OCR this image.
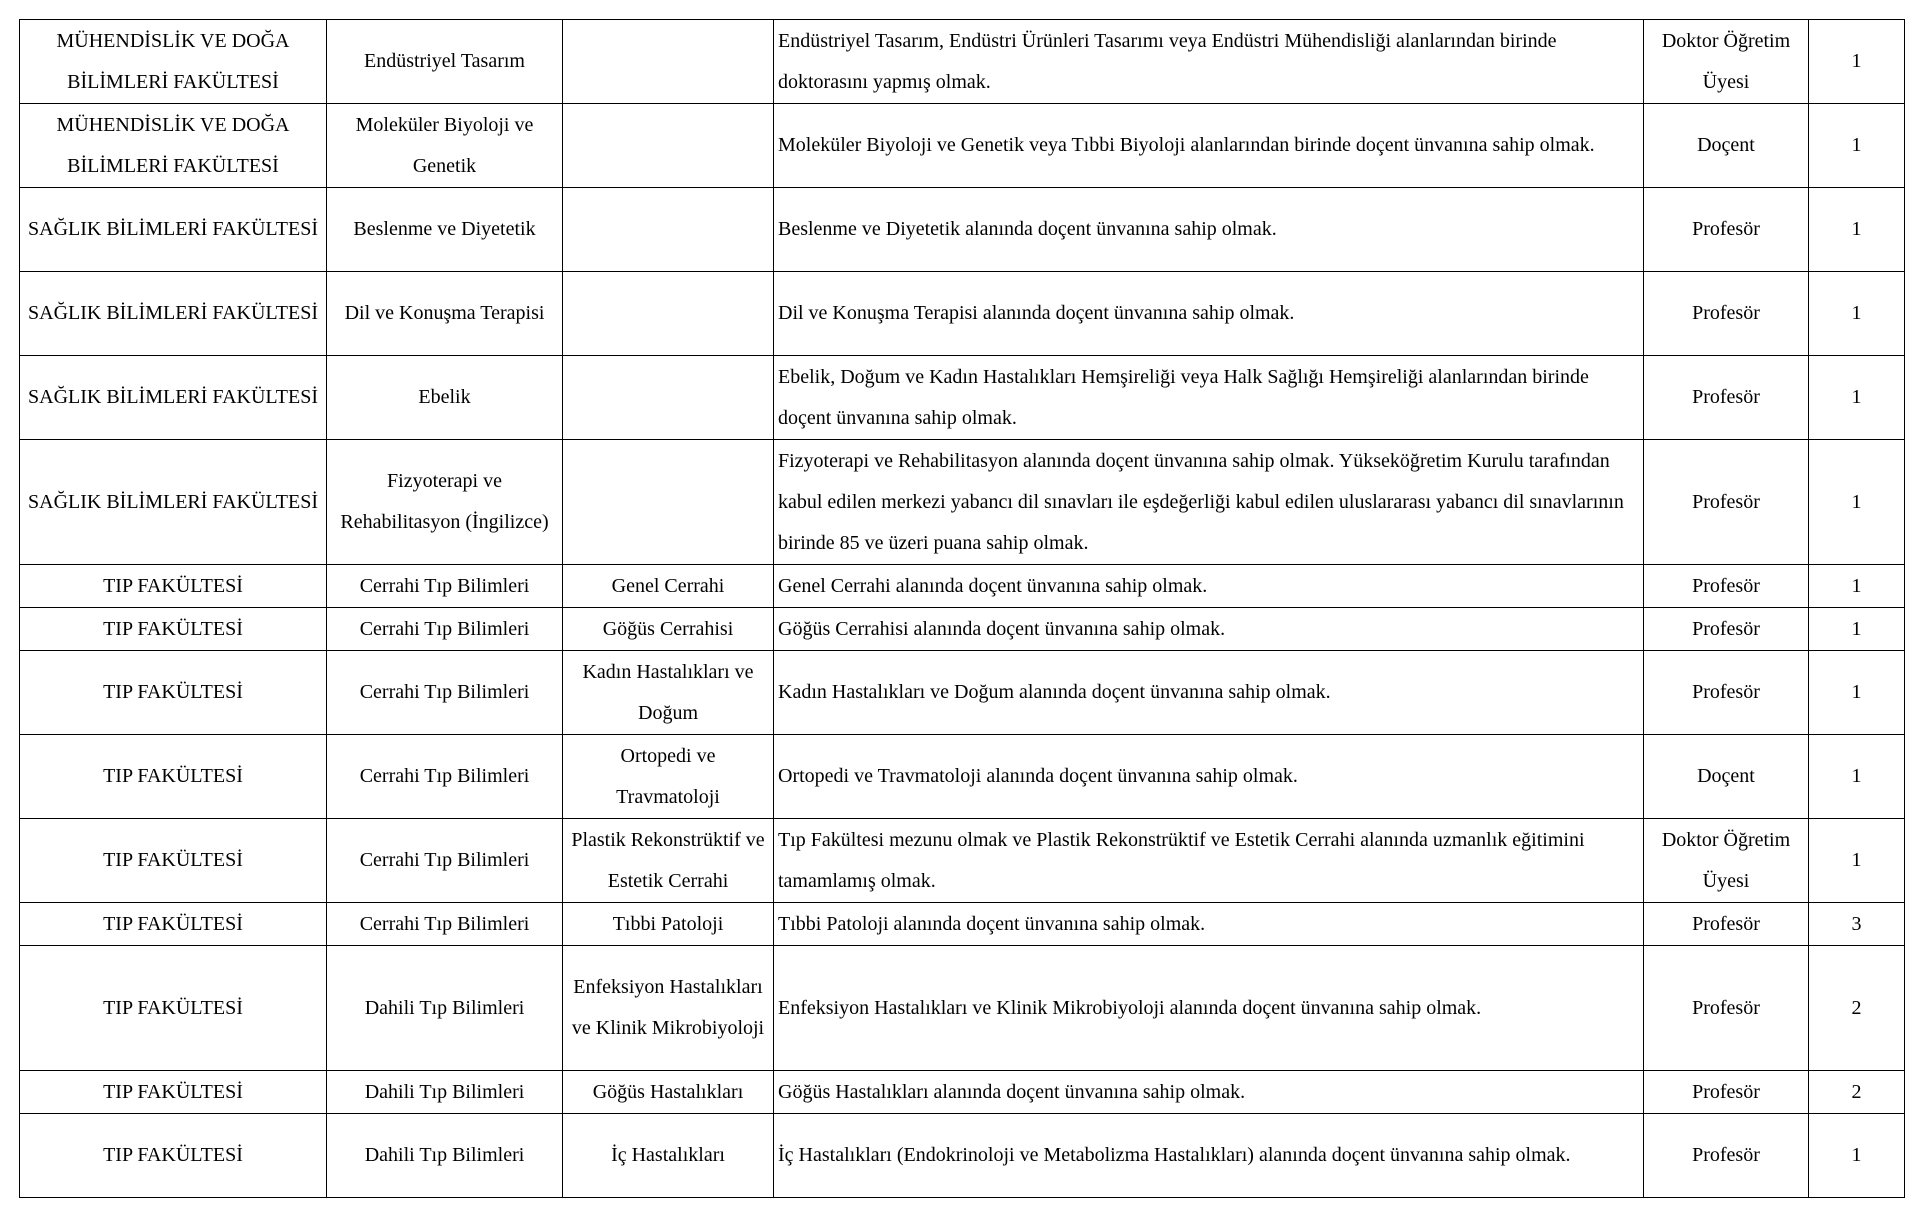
MÜHENDİSLİK VE DOĞA BİLİMLERİ FAKÜLTESİ	Endüstriyel Tasarım		Endüstriyel Tasarım, Endüstri Ürünleri Tasarımı veya Endüstri Mühendisliği alanlarından birinde doktorasını yapmış olmak.	Doktor Öğretim Üyesi	1
MÜHENDİSLİK VE DOĞA BİLİMLERİ FAKÜLTESİ	Moleküler Biyoloji ve Genetik		Moleküler Biyoloji ve Genetik veya Tıbbi Biyoloji alanlarından birinde doçent ünvanına sahip olmak.	Doçent	1
SAĞLIK BİLİMLERİ FAKÜLTESİ	Beslenme ve Diyetetik		Beslenme ve Diyetetik alanında doçent ünvanına sahip olmak.	Profesör	1
SAĞLIK BİLİMLERİ FAKÜLTESİ	Dil ve Konuşma Terapisi		Dil ve Konuşma Terapisi alanında doçent ünvanına sahip olmak.	Profesör	1
SAĞLIK BİLİMLERİ FAKÜLTESİ	Ebelik		Ebelik, Doğum ve Kadın Hastalıkları Hemşireliği veya Halk Sağlığı Hemşireliği alanlarından birinde doçent ünvanına sahip olmak.	Profesör	1
SAĞLIK BİLİMLERİ FAKÜLTESİ	Fizyoterapi ve Rehabilitasyon (İngilizce)		Fizyoterapi ve Rehabilitasyon alanında doçent ünvanına sahip olmak. Yükseköğretim Kurulu tarafından kabul edilen merkezi yabancı dil sınavları ile eşdeğerliği kabul edilen uluslararası yabancı dil sınavlarının birinde 85 ve üzeri puana sahip olmak.	Profesör	1
TIP FAKÜLTESİ	Cerrahi Tıp Bilimleri	Genel Cerrahi	Genel Cerrahi alanında doçent ünvanına sahip olmak.	Profesör	1
TIP FAKÜLTESİ	Cerrahi Tıp Bilimleri	Göğüs Cerrahisi	Göğüs Cerrahisi alanında doçent ünvanına sahip olmak.	Profesör	1
TIP FAKÜLTESİ	Cerrahi Tıp Bilimleri	Kadın Hastalıkları ve Doğum	Kadın Hastalıkları ve Doğum alanında doçent ünvanına sahip olmak.	Profesör	1
TIP FAKÜLTESİ	Cerrahi Tıp Bilimleri	Ortopedi ve Travmatoloji	Ortopedi ve Travmatoloji alanında doçent ünvanına sahip olmak.	Doçent	1
TIP FAKÜLTESİ	Cerrahi Tıp Bilimleri	Plastik Rekonstrüktif ve Estetik Cerrahi	Tıp Fakültesi mezunu olmak ve Plastik Rekonstrüktif ve Estetik Cerrahi alanında uzmanlık eğitimini tamamlamış olmak.	Doktor Öğretim Üyesi	1
TIP FAKÜLTESİ	Cerrahi Tıp Bilimleri	Tıbbi Patoloji	Tıbbi Patoloji alanında doçent ünvanına sahip olmak.	Profesör	3
TIP FAKÜLTESİ	Dahili Tıp Bilimleri	Enfeksiyon Hastalıkları ve Klinik Mikrobiyoloji	Enfeksiyon Hastalıkları ve Klinik Mikrobiyoloji alanında doçent ünvanına sahip olmak.	Profesör	2
TIP FAKÜLTESİ	Dahili Tıp Bilimleri	Göğüs Hastalıkları	Göğüs Hastalıkları alanında doçent ünvanına sahip olmak.	Profesör	2
TIP FAKÜLTESİ	Dahili Tıp Bilimleri	İç Hastalıkları	İç Hastalıkları (Endokrinoloji ve Metabolizma Hastalıkları) alanında doçent ünvanına sahip olmak.	Profesör	1
